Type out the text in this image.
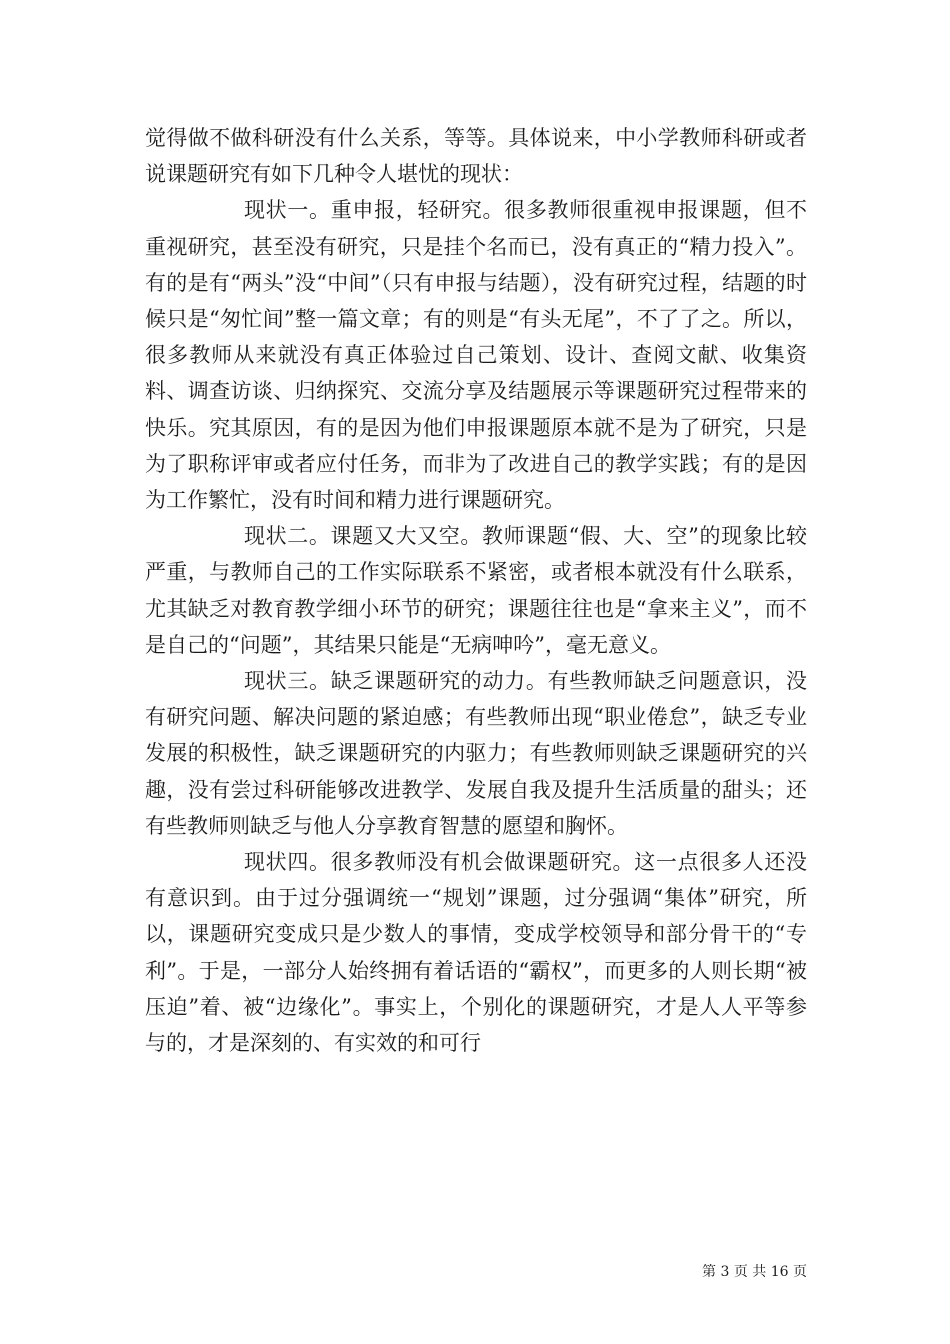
觉得做不做科研没有什么关系，等等。具体说来，中小学教师科研或者说课题研究有如下几种令人堪忧的现状：

现状一。重申报，轻研究。很多教师很重视申报课题，但不重视研究，甚至没有研究，只是挂个名而已，没有真正的“精力投入”。有的是有“两头”没“中间”（只有申报与结题），没有研究过程，结题的时候只是“匆忙间”整一篇文章；有的则是“有头无尾”，不了了之。所以，很多教师从来就没有真正体验过自己策划、设计、查阅文献、收集资料、调查访谈、归纳探究、交流分享及结题展示等课题研究过程带来的快乐。究其原因，有的是因为他们申报课题原本就不是为了研究，只是为了职称评审或者应付任务，而非为了改进自己的教学实践；有的是因为工作繁忙，没有时间和精力进行课题研究。

现状二。课题又大又空。教师课题“假、大、空”的现象比较严重，与教师自己的工作实际联系不紧密，或者根本就没有什么联系，尤其缺乏对教育教学细小环节的研究；课题往往也是“拿来主义”，而不是自己的“问题”，其结果只能是“无病呻吟”，毫无意义。

现状三。缺乏课题研究的动力。有些教师缺乏问题意识，没有研究问题、解决问题的紧迫感；有些教师出现“职业倦怠”，缺乏专业发展的积极性，缺乏课题研究的内驱力；有些教师则缺乏课题研究的兴趣，没有尝过科研能够改进教学、发展自我及提升生活质量的甜头；还有些教师则缺乏与他人分享教育智慧的愿望和胸怀。

现状四。很多教师没有机会做课题研究。这一点很多人还没有意识到。由于过分强调统一“规划”课题，过分强调“集体”研究，所以，课题研究变成只是少数人的事情，变成学校领导和部分骨干的“专利”。于是，一部分人始终拥有着话语的“霸权”，而更多的人则长期“被压迫”着、被“边缘化”。事实上，个别化的课题研究，才是人人平等参与的，才是深刻的、有实效的和可行

第 3 页 共 16 页
